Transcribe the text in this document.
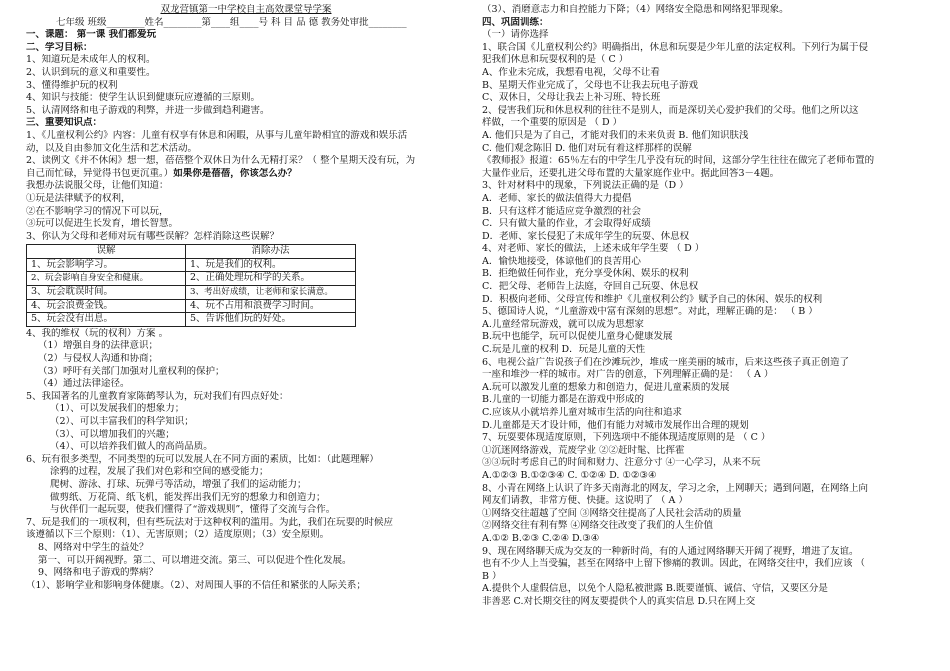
双龙营镇第一中学校自主高效课堂导学案
七年级 班级________姓名________第____组____号 科 目 品 德 教务处审批________
一、课题： 第一课 我们都爱玩
二、学习目标：
1、知道玩是未成年人的权利。
2、认识到玩的意义和重要性。
3、懂得维护玩的权利
4、知识与技能：使学生认识到健康玩应遵循的三原则。
5、认清网络和电子游戏的利弊，并进一步做到趋利避害。
三、重要知识点：
1、《儿童权利公约》内容：儿童有权享有休息和闲暇，从事与儿童年龄相宜的游戏和娱乐活
动，以及自由参加文化生活和艺术活动。
2、读例文《并不休闲》想一想，蓓蓓整个双休日为什么无精打采？（ 整个星期天没有玩，为
自己而忙碌，异觉得书包更沉重。）如果你是蓓蓓，你该怎么办？
我想办法说服父母，让他们知道：
①玩是法律赋予的权利，
②在不影响学习的情况下可以玩，
③玩可以促进生长发育，增长智慧。
3、你认为父母和老师对玩有哪些误解？怎样消除这些误解？
误解	消除办法
1、玩会影响学习。	1、玩是我们的权利。
2、玩会影响自身安全和健康。	2、正确处理玩和学的关系。
3、玩会耽误时间。	3、考出好成绩，让老师和家长满意。
4、玩会浪费金钱。	4、玩不占用和浪费学习时间。
5、玩会没有出息。	5、告诉他们玩的好处。
4、我的维权（玩的权利）方案 。
（1）增强自身的法律意识；
（2）与侵权人沟通和协商；
（3）呼吁有关部门加强对儿童权利的保护；
（4）通过法律途径。
5、我国著名的儿童教育家陈鹤琴认为，玩对我们有四点好处：
（1）、可以发展我们的想象力；
（2）、可以丰富我们的科学知识；
（3）、可以增加我们的兴趣；
（4）、可以培养我们做人的高尚品质。
6、玩有很多类型，不同类型的玩可以发展人在不同方面的素质，比如：（此题理解）
涂鸦的过程，发展了我们对色彩和空间的感受能力；
爬树、游泳、打球、玩弹弓等活动，增强了我们的运动能力；
做剪纸、万花筒、纸飞机，能发挥出我们无穷的想象力和创造力；
与伙伴们一起玩耍，使我们懂得了“游戏规则”，懂得了交流与合作。
7、玩是我们的一项权利，但有些玩法对于这种权利的滥用。为此，我们在玩耍的时候应
该遵循以下三个原则：（1）、无害原则；（2）适度原则；（3）安全原则。
8、网络对中学生的益处？
第一、可以开阔视野。第二、可以增进交流。第三、可以促进个性化发展。
9、网络和电子游戏的弊病？
（1）、影响学业和影响身体健康。（2）、对周围人事的不信任和紧张的人际关系；
（3）、消磨意志力和自控能力下降；（4）网络安全隐患和网络犯罪现象。
四、巩固训练：
（一）请你选择
1、联合国《儿童权利公约》明确指出，休息和玩耍是少年儿童的法定权利。下列行为属于侵
犯我们休息和玩耍权利的是（ C ）
A、作业未完成，我想看电视，父母不让看
B、星期天作业完成了，父母也不让我去玩电子游戏
C、双休日，父母让我去上补习班、特长班
2、侵害我们玩和休息权利的往往不是别人，而是深切关心爱护我们的父母。他们之所以这
样做，一个重要的原因是 （ D ）
A. 他们只是为了自己，才能对我们的未来负责 B. 他们知识肤浅
C. 他们观念陈旧 D. 他们对玩有着这样那样的误解
《教师报》报道：65％左右的中学生几乎没有玩的时间，这部分学生往往在做完了老师布置的
大量作业后，还要扎进父母布置的大量家庭作业中。据此回答3－4题。
3、针对材料中的现象，下列说法正确的是（D ）
A．老师、家长的做法值得大力提倡
B．只有这样才能适应竞争激烈的社会
C．只有做大量的作业，才会取得好成绩
D．老师、家长侵犯了未成年学生的玩耍、休息权
4、对老师、家长的做法，上述未成年学生要 （ D ）
A．愉快地接受，体谅他们的良苦用心
B．拒绝做任何作业，充分享受休闲、娱乐的权利
C．把父母、老师告上法庭，夺回自己玩耍、休息权
D．积极向老师、父母宣传和维护《儿童权利公约》赋予自己的休闲、娱乐的权利
5、德国诗人说，“儿童游戏中富有深刻的思想”。对此，理解正确的是： （ B ）
A.儿童经常玩游戏，就可以成为思想家
B.玩中也能学，玩可以促使儿童身心健康发展
C.玩是儿童的权利 D．玩是儿童的天性
6、电视公益广告说孩子们在沙滩玩沙，堆成一座美丽的城市，后来这些孩子真正创造了
一座和堆沙一样的城市。对广告的创意，下列理解正确的是： （ A ）
A.玩可以激发儿童的想象力和创造力，促进儿童素质的发展
B.儿童的一切能力都是在游戏中形成的
C.应该从小就培养儿童对城市生活的向往和追求
D.儿童都是天才设计师，他们有能力对城市发展作出合理的规划
7、玩耍要体现适度原则，下列选项中不能体现适度原则的是 （ C ）
①沉迷网络游戏，荒废学业 ②②赶时髦、比挥霍
③③玩时考虑自己的时间和财力、注意分寸 ④一心学习，从来不玩
A.①②③ B.①②③④ C. ①②④ D. ①②③④
8、小青在网络上认识了许多天南海北的网友，学习之余，上网聊天；遇到问题，在网络上向
网友们请教，非常方便、快捷。这说明了 （ A ）
①网络交往超越了空间 ③网络交往提高了人民社会活动的质量
②网络交往有利有弊 ④网络交往改变了我们的人生价值
A.①② B.②③ C.②④ D.③④
9、现在网络聊天成为交友的一种新时尚，有的人通过网络聊天开阔了视野，增进了友谊。
也有不少人上当受骗，甚至在网络中上留下惨痛的教训。因此，在网络交往中，我们应该 （
B ）
A.提供个人虚假信息，以免个人隐私被泄露 B.既要谨慎、诚信、守信，又要区分是
非善恶 C.对长期交往的网友要提供个人的真实信息 D.只在网上交
